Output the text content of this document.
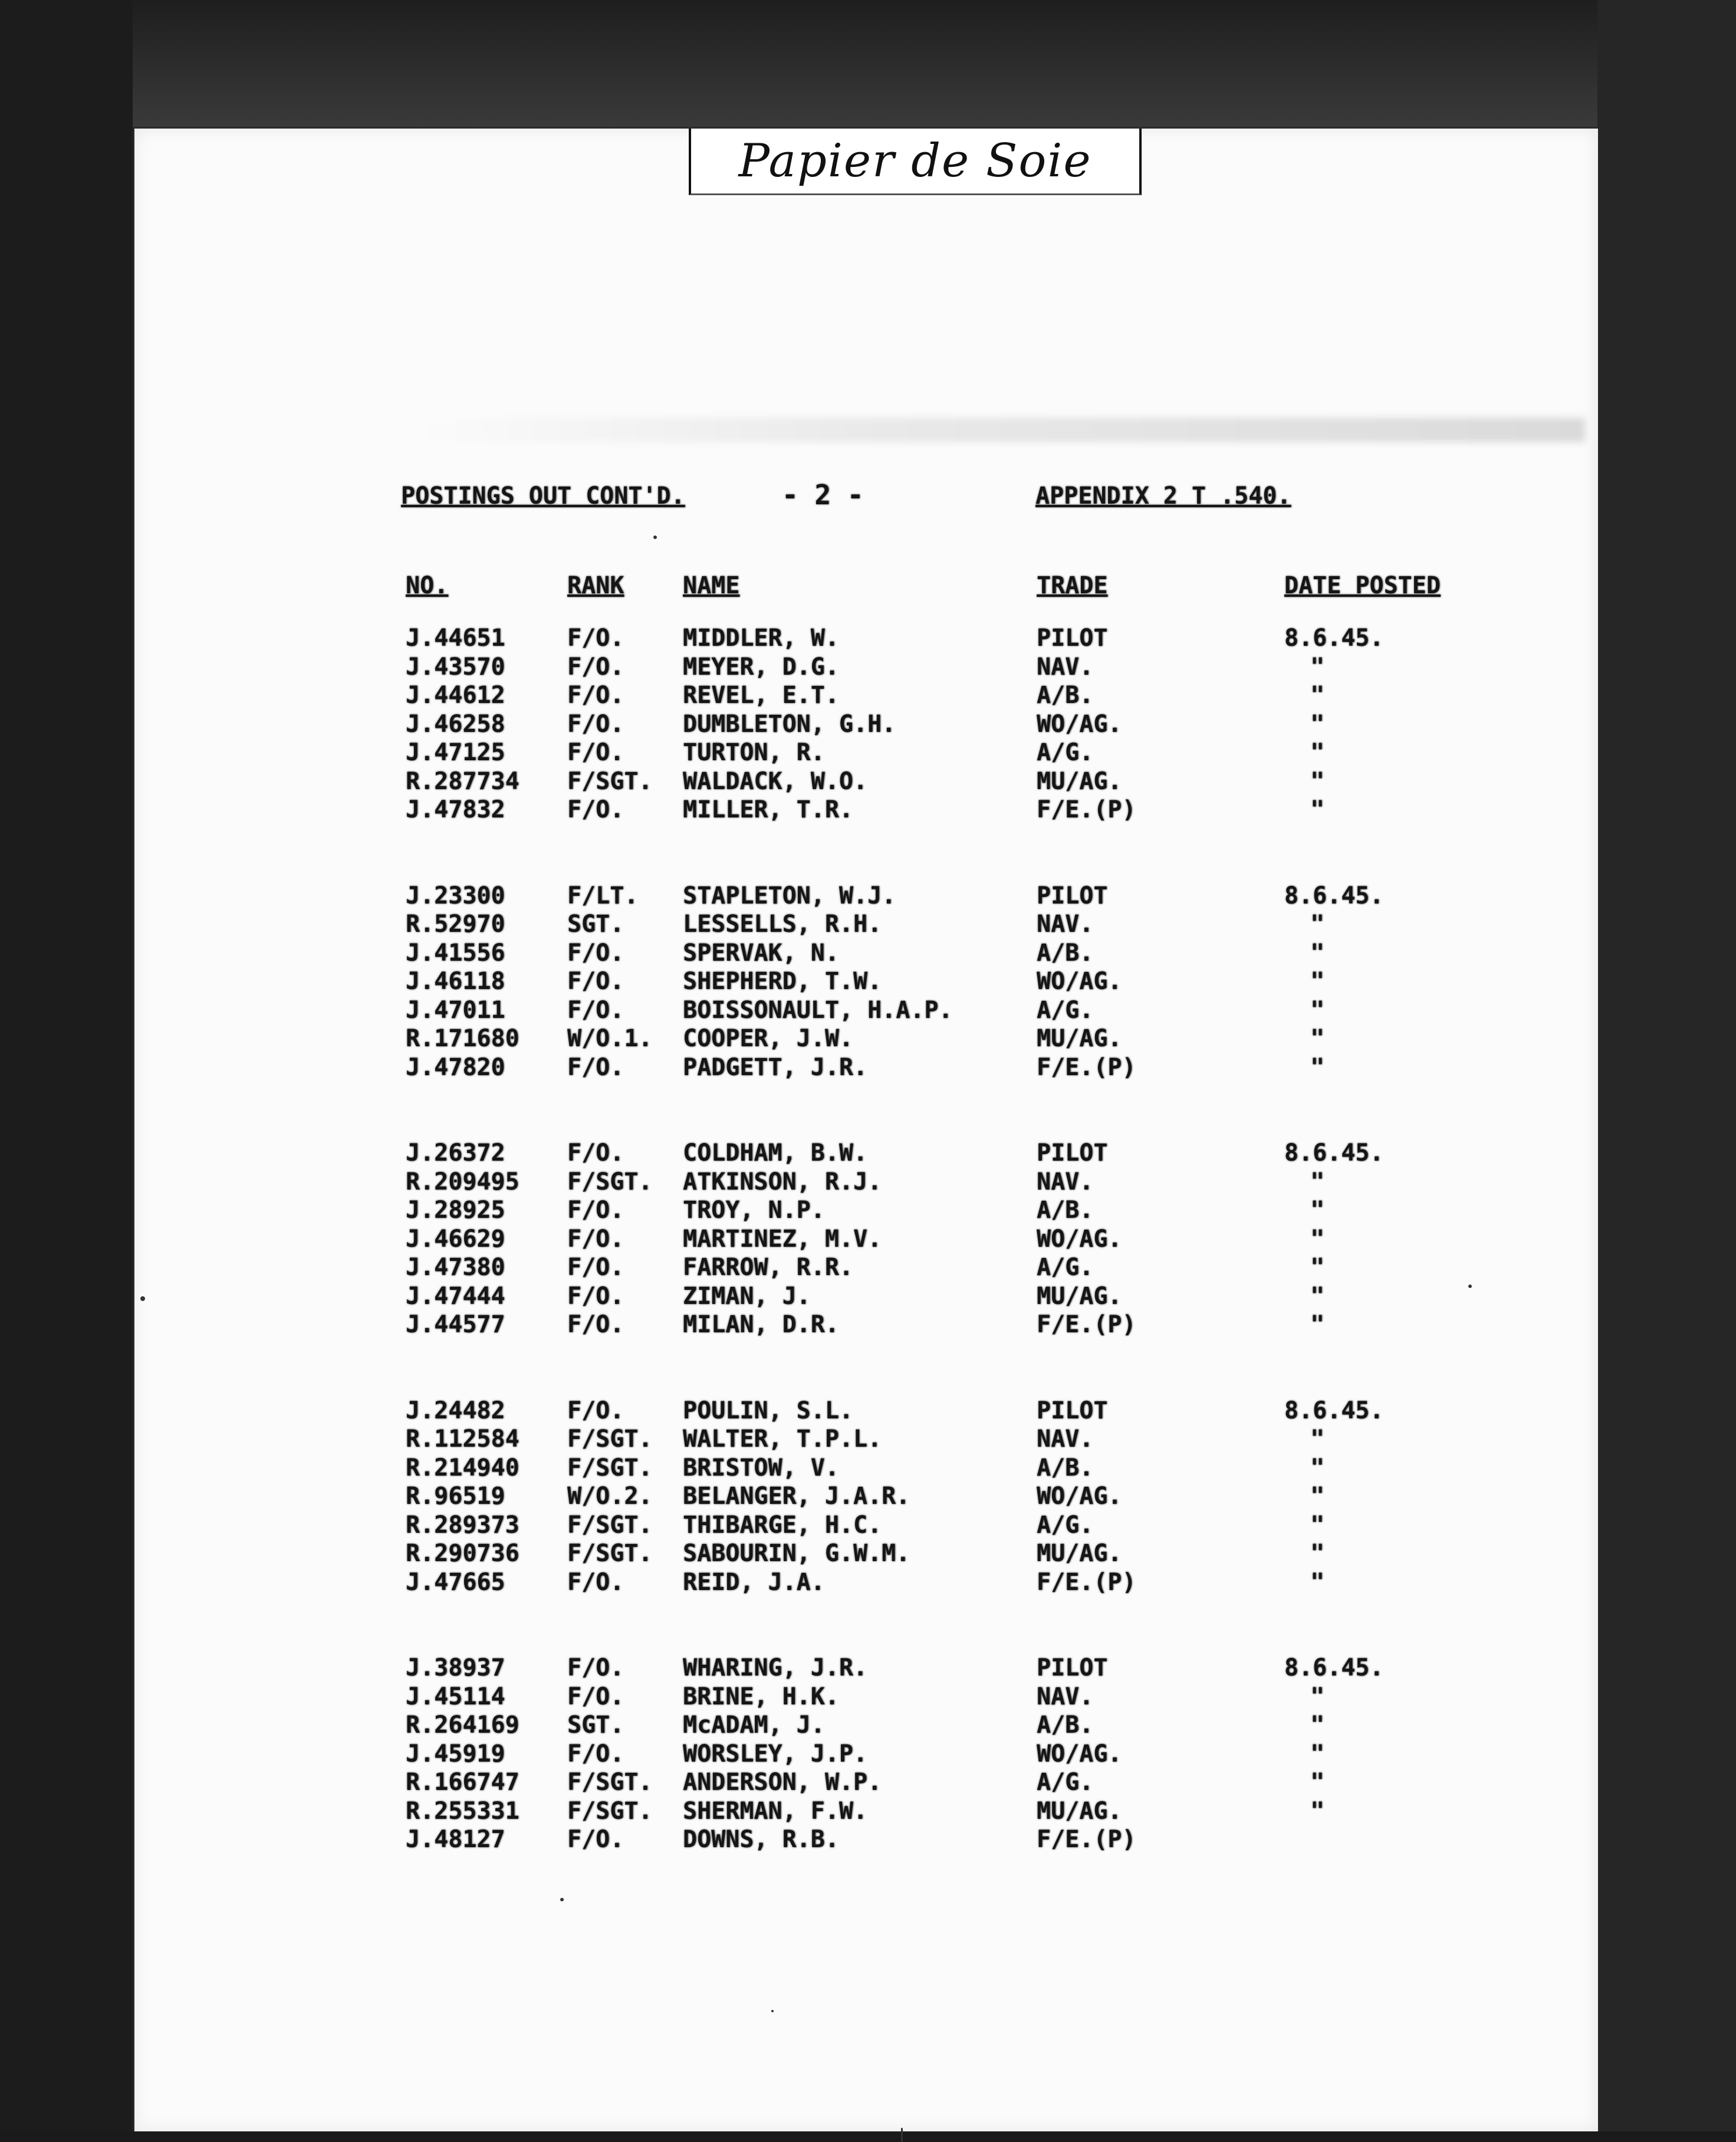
Papier de Soie
POSTINGS OUT CONT'D.	- 2 -	APPENDIX 2 T .540.
NO.	RANK NAME	TRADE	DATE POSTED
J.44651	F/O. MIDDLER, W.	PILOT	8.6.45.
J.43570	F/O. MEYER, D.G.	NAV.	"
J.44612	F/O. REVEL, E.T.	A/B.	"
J.46258	F/O. DUMBLETON, G.H.	WO/AG.	"
J.47125	F/O. TURTON, R.	A/G.	"
R.287734 F/SGT. WALDACK, W.O.	MU/AG.	"
J.47832	F/O. MILLER, T.R.	F/E.(P)	"
J.23300	F/LT. STAPLETON, W.J.	PILOT	8.6.45.
R.52970	SGT. LESSELLS, R.H.	NAV.	"
J.41556	F/O. SPERVAK, N.	A/B.	"
J.46118	F/O. SHEPHERD, T.W.	WO/AG.	"
J.47011	F/O. BOISSONAULT, H.A.P.	A/G.	"
R.171680 W/O.1. COOPER, J.W.	MU/AG.	"
J.47820	F/O. PADGETT, J.R.	F/E.(P)	"
J.26372	F/O. COLDHAM, B.W.	PILOT	8.6.45.
R.209495 F/SGT. ATKINSON, R.J.	NAV.	"
J.28925	F/O. TROY, N.P.	A/B.	"
J.46629	F/O. MARTINEZ, M.V.	WO/AG.	"
J.47380	F/O. FARROW, R.R.	A/G.	"
J.47444	F/O. ZIMAN, J.	MU/AG.	"
J.44577	F/O. MILAN, D.R.	F/E.(P)	"
J.24482	F/O. POULIN, S.L.	PILOT	8.6.45.
R.112584 F/SGT. WALTER, T.P.L.	NAV.	"
R.214940 F/SGT. BRISTOW, V.	A/B.	"
R.96519	W/O.2. BELANGER, J.A.R.	WO/AG.	"
R.289373 F/SGT. THIBARGE, H.C.	A/G.	"
R.290736 F/SGT. SABOURIN, G.W.M.	MU/AG.	"
J.47665	F/O. REID, J.A.	F/E.(P)	"
J.38937	F/O. WHARING, J.R.	PILOT	8.6.45.
J.45114	F/O. BRINE, H.K.	NAV.	"
R.264169 SGT. McADAM, J.	A/B.	"
J.45919	F/O. WORSLEY, J.P.	WO/AG.	"
R.166747 F/SGT. ANDERSON, W.P.	A/G.	"
R.255331 F/SGT. SHERMAN, F.W.	MU/AG.	"
J.48127	F/O. DOWNS, R.B.	F/E.(P)
